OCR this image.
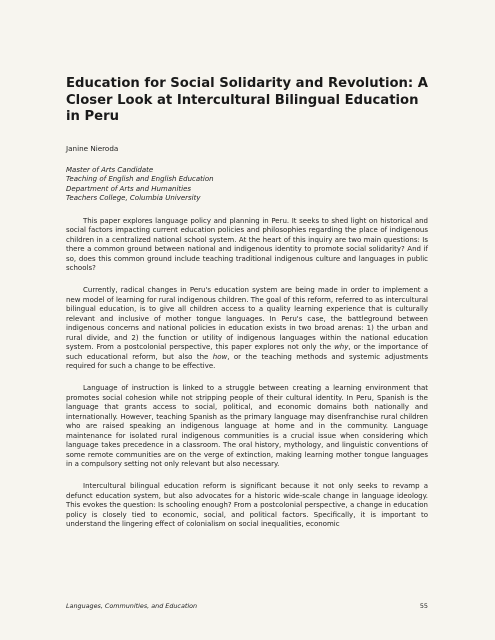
Education for Social Solidarity and Revolution: A Closer Look at Intercultural Bilingual Education in Peru
Janine Nieroda
Master of Arts Candidate
Teaching of English and English Education
Department of Arts and Humanities
Teachers College, Columbia University

This paper explores language policy and planning in Peru. It seeks to shed light on historical and social factors impacting current education policies and philosophies regarding the place of indigenous children in a centralized national school system. At the heart of this inquiry are two main questions: Is there a common ground between national and indigenous identity to promote social solidarity? And if so, does this common ground include teaching traditional indigenous culture and languages in public schools?

Currently, radical changes in Peru's education system are being made in order to implement a new model of learning for rural indigenous children. The goal of this reform, referred to as intercultural bilingual education, is to give all children access to a quality learning experience that is culturally relevant and inclusive of mother tongue languages. In Peru's case, the battleground between indigenous concerns and national policies in education exists in two broad arenas: 1) the urban and rural divide, and 2) the function or utility of indigenous languages within the national education system. From a postcolonial perspective, this paper explores not only the why, or the importance of such educational reform, but also the how, or the teaching methods and systemic adjustments required for such a change to be effective.

Language of instruction is linked to a struggle between creating a learning environment that promotes social cohesion while not stripping people of their cultural identity. In Peru, Spanish is the language that grants access to social, political, and economic domains both nationally and internationally. However, teaching Spanish as the primary language may disenfranchise rural children who are raised speaking an indigenous language at home and in the community. Language maintenance for isolated rural indigenous communities is a crucial issue when considering which language takes precedence in a classroom. The oral history, mythology, and linguistic conventions of some remote communities are on the verge of extinction, making learning mother tongue languages in a compulsory setting not only relevant but also necessary.

Intercultural bilingual education reform is significant because it not only seeks to revamp a defunct education system, but also advocates for a historic wide-scale change in language ideology. This evokes the question: Is schooling enough? From a postcolonial perspective, a change in education policy is closely tied to economic, social, and political factors. Specifically, it is important to understand the lingering effect of colonialism on social inequalities, economic

Languages, Communities, and Education	55
